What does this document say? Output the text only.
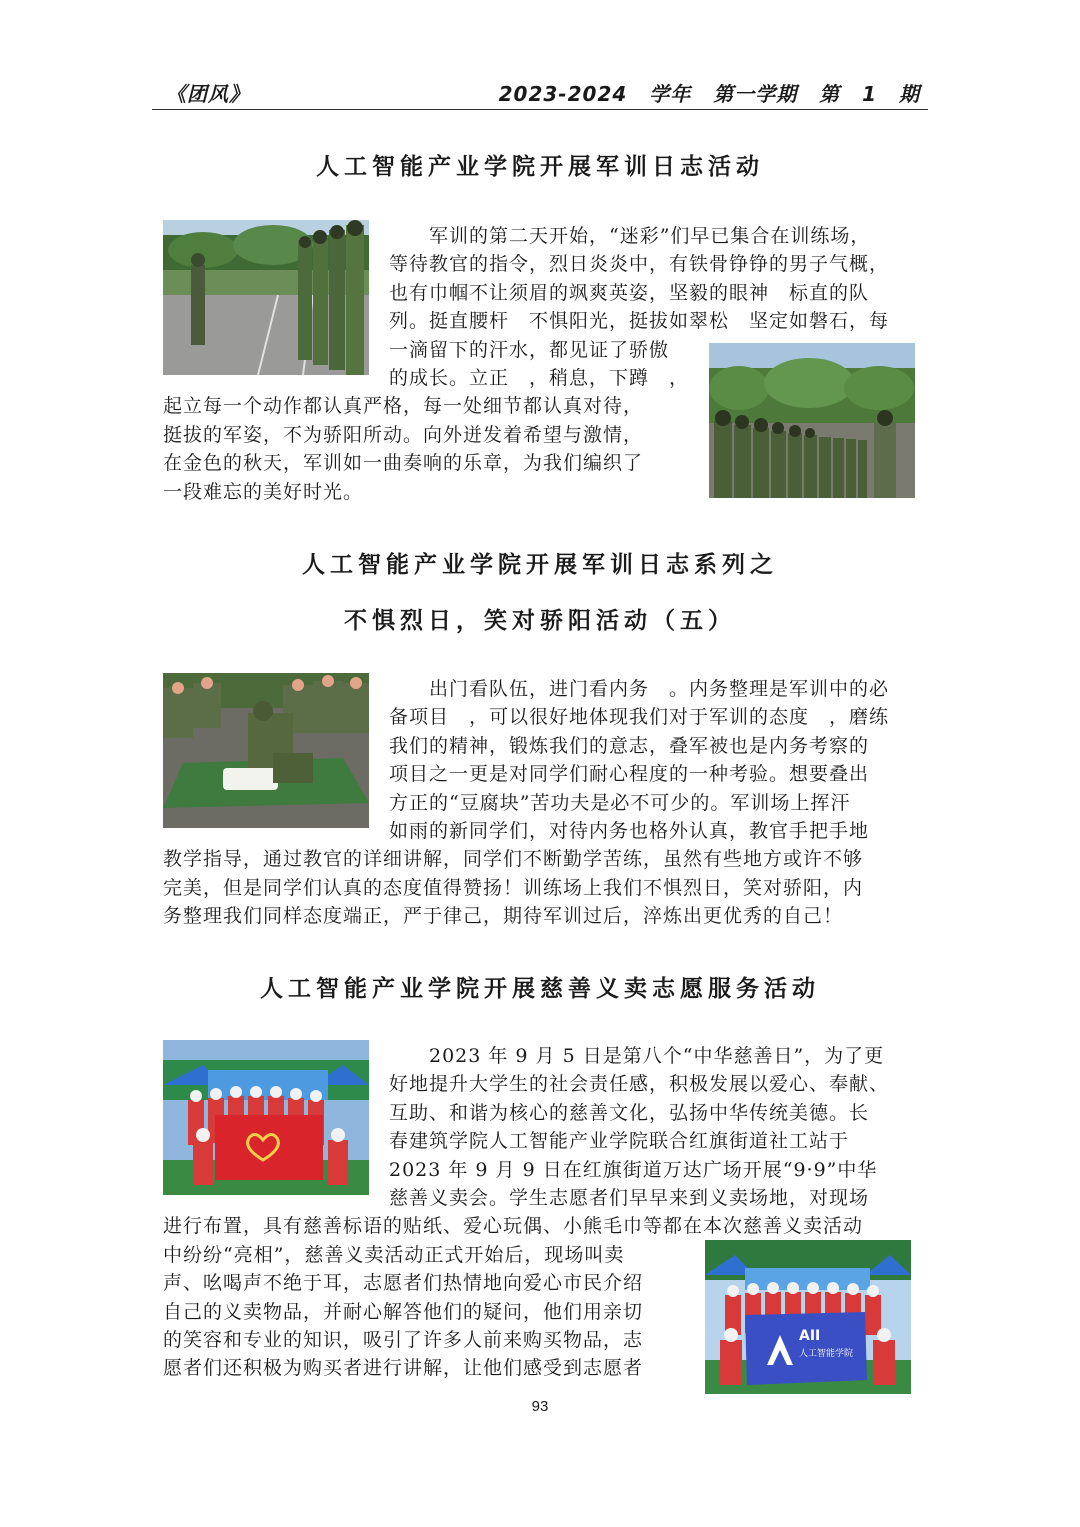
《团风》	2023-2024 学年 第一学期 第 1 期
人工智能产业学院开展军训日志活动
　　军训的第二天开始，“迷彩”们早已集合在训练场，
等待教官的指令，烈日炎炎中，有铁骨铮铮的男子气概，
也有巾帼不让须眉的飒爽英姿，坚毅的眼神　标直的队
列。挺直腰杆　不惧阳光，挺拔如翠松　坚定如磐石，每
一滴留下的汗水，都见证了骄傲
的成长。立正　，稍息，下蹲　，
起立每一个动作都认真严格，每一处细节都认真对待，
挺拔的军姿，不为骄阳所动。向外迸发着希望与激情，
在金色的秋天，军训如一曲奏响的乐章，为我们编织了
一段难忘的美好时光。
人工智能产业学院开展军训日志系列之
不惧烈日，笑对骄阳活动（五）
　　出门看队伍，进门看内务　。内务整理是军训中的必
备项目　，可以很好地体现我们对于军训的态度　，磨练
我们的精神，锻炼我们的意志，叠军被也是内务考察的
项目之一更是对同学们耐心程度的一种考验。想要叠出
方正的“豆腐块”苦功夫是必不可少的。军训场上挥汗
如雨的新同学们，对待内务也格外认真，教官手把手地
教学指导，通过教官的详细讲解，同学们不断勤学苦练，虽然有些地方或许不够
完美，但是同学们认真的态度值得赞扬！训练场上我们不惧烈日，笑对骄阳，内
务整理我们同样态度端正，严于律己，期待军训过后，淬炼出更优秀的自己！
人工智能产业学院开展慈善义卖志愿服务活动
AII
人工智能学院
　　2023 年 9 月 5 日是第八个“中华慈善日”，为了更
好地提升大学生的社会责任感，积极发展以爱心、奉献、
互助、和谐为核心的慈善文化，弘扬中华传统美德。长
春建筑学院人工智能产业学院联合红旗街道社工站于
2023 年 9 月 9 日在红旗街道万达广场开展“9·9”中华
慈善义卖会。学生志愿者们早早来到义卖场地，对现场
进行布置，具有慈善标语的贴纸、爱心玩偶、小熊毛巾等都在本次慈善义卖活动
中纷纷“亮相”，慈善义卖活动正式开始后，现场叫卖
声、吆喝声不绝于耳，志愿者们热情地向爱心市民介绍
自己的义卖物品，并耐心解答他们的疑问，他们用亲切
的笑容和专业的知识，吸引了许多人前来购买物品，志
愿者们还积极为购买者进行讲解，让他们感受到志愿者
93
